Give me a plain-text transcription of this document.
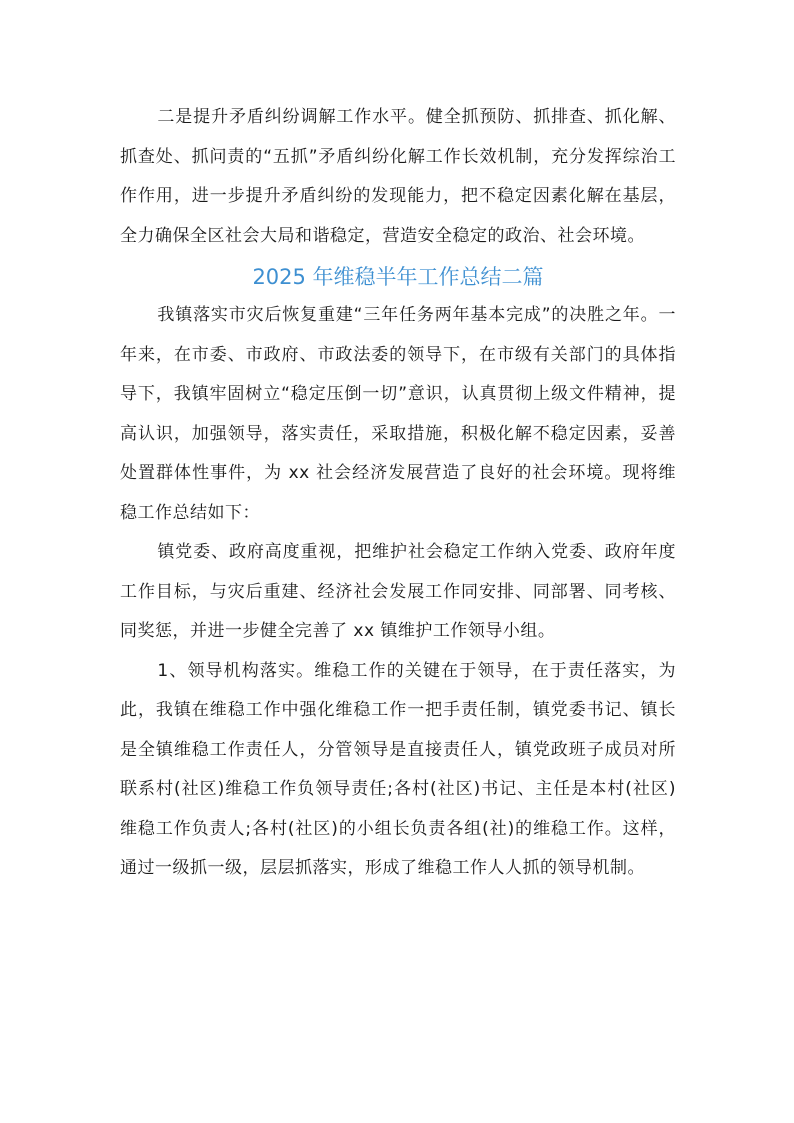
二是提升矛盾纠纷调解工作水平。健全抓预防、抓排查、抓化解、抓查处、抓问责的“五抓”矛盾纠纷化解工作长效机制，充分发挥综治工作作用，进一步提升矛盾纠纷的发现能力，把不稳定因素化解在基层，全力确保全区社会大局和谐稳定，营造安全稳定的政治、社会环境。

2025 年维稳半年工作总结二篇

我镇落实市灾后恢复重建“三年任务两年基本完成”的决胜之年。一年来，在市委、市政府、市政法委的领导下，在市级有关部门的具体指导下，我镇牢固树立“稳定压倒一切”意识，认真贯彻上级文件精神，提高认识，加强领导，落实责任，采取措施，积极化解不稳定因素，妥善处置群体性事件，为 xx 社会经济发展营造了良好的社会环境。现将维稳工作总结如下：

镇党委、政府高度重视，把维护社会稳定工作纳入党委、政府年度工作目标，与灾后重建、经济社会发展工作同安排、同部署、同考核、同奖惩，并进一步健全完善了 xx 镇维护工作领导小组。

1、领导机构落实。维稳工作的关键在于领导，在于责任落实，为此，我镇在维稳工作中强化维稳工作一把手责任制，镇党委书记、镇长是全镇维稳工作责任人，分管领导是直接责任人，镇党政班子成员对所联系村(社区)维稳工作负领导责任;各村(社区)书记、主任是本村(社区)维稳工作负责人;各村(社区)的小组长负责各组(社)的维稳工作。这样，通过一级抓一级，层层抓落实，形成了维稳工作人人抓的领导机制。
